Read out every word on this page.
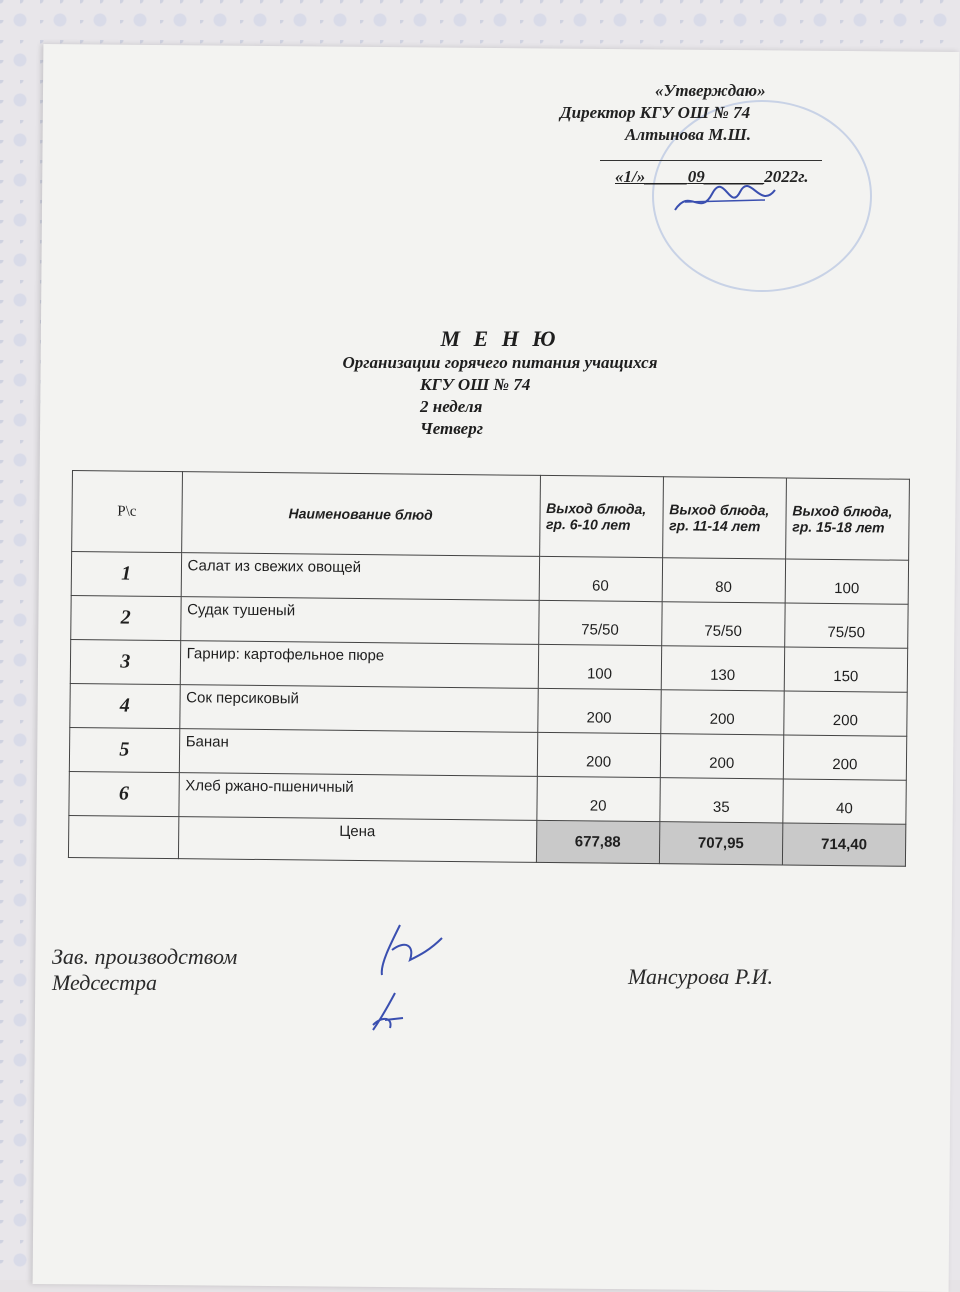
«Утверждаю»
Директор КГУ ОШ № 74
Алтынова М.Ш.
«1/»_____09_______2022г.
М Е Н Ю
Организации горячего питания учащихся
КГУ ОШ № 74
2 неделя
Четверг
Р\с	Наименование блюд	Выход блюда, гр. 6-10 лет	Выход блюда, гр. 11-14 лет	Выход блюда, гр. 15-18 лет
1	Салат из свежих овощей	60	80	100
2	Судак тушеный	75/50	75/50	75/50
3	Гарнир: картофельное пюре	100	130	150
4	Сок персиковый	200	200	200
5	Банан	200	200	200
6	Хлеб ржано-пшеничный	20	35	40
	Цена	677,88	707,95	714,40
Зав. производством
Медсестра	Мансурова Р.И.
